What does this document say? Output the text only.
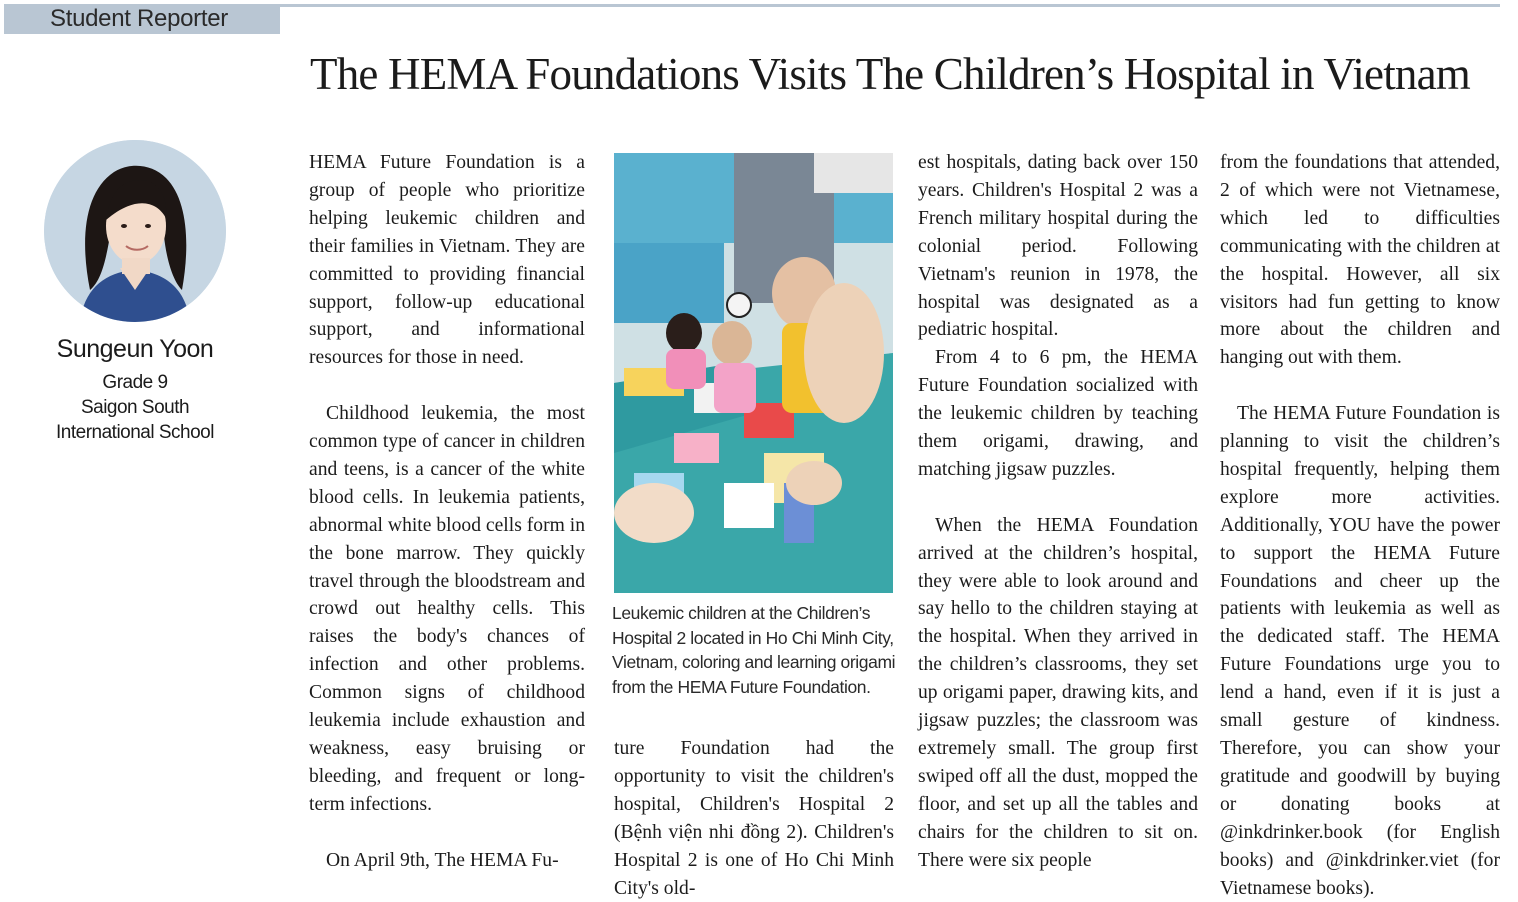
Student Reporter
The HEMA Foundations Visits The Children’s Hospital in Vietnam
Sungeun Yoon
Grade 9
Saigon South
International School

HEMA Future Foundation is a group of people who prioritize helping leukemic children and their families in Vietnam. They are committed to providing financial support, follow-up educational support, and informational resources for those in need.

Childhood leukemia, the most common type of cancer in children and teens, is a cancer of the white blood cells. In leukemia patients, abnormal white blood cells form in the bone marrow. They quickly travel through the bloodstream and crowd out healthy cells. This raises the body's chances of infection and other problems. Common signs of childhood leukemia include exhaustion and weakness, easy bruising or bleeding, and frequent or long-term infections.

On April 9th, The HEMA Fu-

Leukemic children at the Children’s Hospital 2 located in Ho Chi Minh City, Vietnam, coloring and learning origami from the HEMA Future Foundation.

ture Foundation had the opportunity to visit the children's hospital, Children's Hospital 2 (Bệnh viện nhi đồng 2). Children's Hospital 2 is one of Ho Chi Minh City's old-

est hospitals, dating back over 150 years. Children's Hospital 2 was a French military hospital during the colonial period. Following Vietnam's reunion in 1978, the hospital was designated as a pediatric hospital.

From 4 to 6 pm, the HEMA Future Foundation socialized with the leukemic children by teaching them origami, drawing, and matching jigsaw puzzles.

When the HEMA Foundation arrived at the children’s hospital, they were able to look around and say hello to the children staying at the hospital. When they arrived in the children’s classrooms, they set up origami paper, drawing kits, and jigsaw puzzles; the classroom was extremely small. The group first swiped off all the dust, mopped the floor, and set up all the tables and chairs for the children to sit on. There were six people

from the foundations that attended, 2 of which were not Vietnamese, which led to difficulties communicating with the children at the hospital. However, all six visitors had fun getting to know more about the children and hanging out with them.

The HEMA Future Foundation is planning to visit the children’s hospital frequently, helping them explore more activities. Additionally, YOU have the power to support the HEMA Future Foundations and cheer up the patients with leukemia as well as the dedicated staff. The HEMA Future Foundations urge you to lend a hand, even if it is just a small gesture of kindness. Therefore, you can show your gratitude and goodwill by buying or donating books at @inkdrinker.book (for English books) and @inkdrinker.viet (for Vietnamese books).
